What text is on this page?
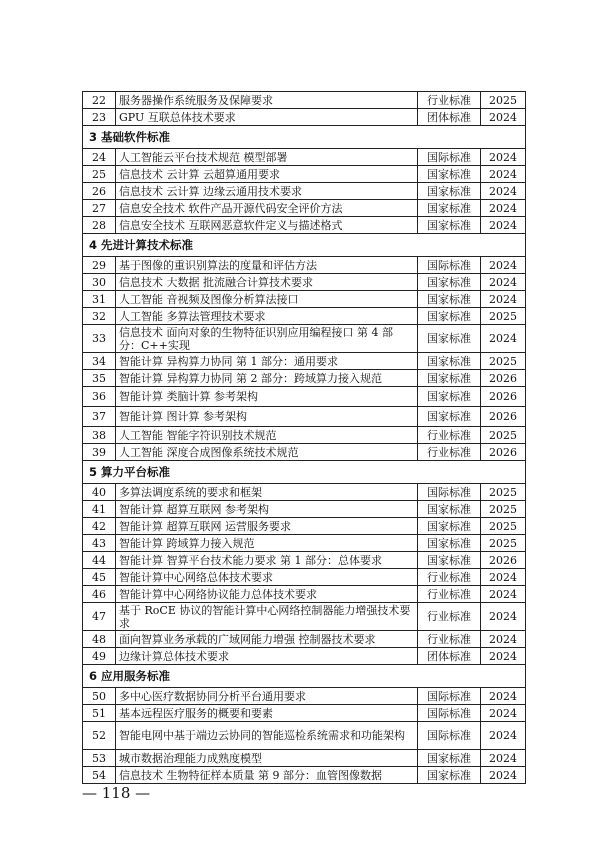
22	服务器操作系统服务及保障要求	行业标准	2025
23	GPU 互联总体技术要求	团体标准	2024
3 基础软件标准			
24	人工智能云平台技术规范 模型部署	国际标准	2024
25	信息技术 云计算 云超算通用要求	国家标准	2024
26	信息技术 云计算 边缘云通用技术要求	国家标准	2024
27	信息安全技术 软件产品开源代码安全评价方法	国家标准	2024
28	信息安全技术 互联网恶意软件定义与描述格式	国家标准	2024
4 先进计算技术标准			
29	基于图像的重识别算法的度量和评估方法	国际标准	2024
30	信息技术 大数据 批流融合计算技术要求	国家标准	2024
31	人工智能 音视频及图像分析算法接口	国家标准	2024
32	人工智能 多算法管理技术要求	国家标准	2025
33	信息技术 面向对象的生物特征识别应用编程接口 第 4 部分：C++实现	国家标准	2024
34	智能计算 异构算力协同 第 1 部分：通用要求	国家标准	2025
35	智能计算 异构算力协同 第 2 部分：跨域算力接入规范	国家标准	2026
36	智能计算 类脑计算 参考架构	国家标准	2026
37	智能计算 图计算 参考架构	国家标准	2026
38	人工智能 智能字符识别技术规范	行业标准	2025
39	人工智能 深度合成图像系统技术规范	行业标准	2026
5 算力平台标准			
40	多算法调度系统的要求和框架	国际标准	2025
41	智能计算 超算互联网 参考架构	国家标准	2025
42	智能计算 超算互联网 运营服务要求	国家标准	2025
43	智能计算 跨域算力接入规范	国家标准	2025
44	智能计算 智算平台技术能力要求 第 1 部分：总体要求	国家标准	2026
45	智能计算中心网络总体技术要求	行业标准	2024
46	智能计算中心网络协议能力总体技术要求	行业标准	2024
47	基于 RoCE 协议的智能计算中心网络控制器能力增强技术要求	行业标准	2024
48	面向智算业务承载的广域网能力增强 控制器技术要求	行业标准	2024
49	边缘计算总体技术要求	团体标准	2024
6 应用服务标准			
50	多中心医疗数据协同分析平台通用要求	国际标准	2024
51	基本远程医疗服务的概要和要素	国际标准	2024
52	智能电网中基于端边云协同的智能巡检系统需求和功能架构	国际标准	2024
53	城市数据治理能力成熟度模型	国家标准	2024
54	信息技术 生物特征样本质量 第 9 部分：血管图像数据	国家标准	2024
— 118 —
